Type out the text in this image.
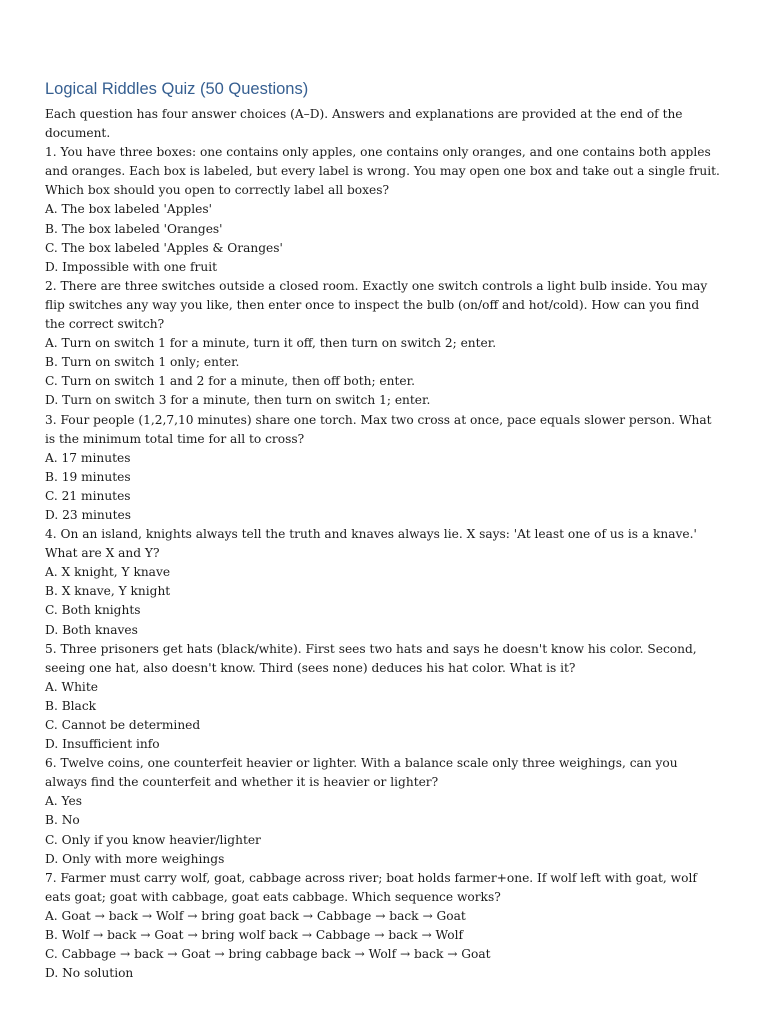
Logical Riddles Quiz (50 Questions)

Each question has four answer choices (A–D). Answers and explanations are provided at the end of the document.

1. You have three boxes: one contains only apples, one contains only oranges, and one contains both apples and oranges. Each box is labeled, but every label is wrong. You may open one box and take out a single fruit. Which box should you open to correctly label all boxes?

A. The box labeled 'Apples'

B. The box labeled 'Oranges'

C. The box labeled 'Apples & Oranges'

D. Impossible with one fruit

2. There are three switches outside a closed room. Exactly one switch controls a light bulb inside. You may flip switches any way you like, then enter once to inspect the bulb (on/off and hot/cold). How can you find the correct switch?

A. Turn on switch 1 for a minute, turn it off, then turn on switch 2; enter.

B. Turn on switch 1 only; enter.

C. Turn on switch 1 and 2 for a minute, then off both; enter.

D. Turn on switch 3 for a minute, then turn on switch 1; enter.

3. Four people (1,2,7,10 minutes) share one torch. Max two cross at once, pace equals slower person. What is the minimum total time for all to cross?

A. 17 minutes

B. 19 minutes

C. 21 minutes

D. 23 minutes

4. On an island, knights always tell the truth and knaves always lie. X says: 'At least one of us is a knave.' What are X and Y?

A. X knight, Y knave

B. X knave, Y knight

C. Both knights

D. Both knaves

5. Three prisoners get hats (black/white). First sees two hats and says he doesn't know his color. Second, seeing one hat, also doesn't know. Third (sees none) deduces his hat color. What is it?

A. White

B. Black

C. Cannot be determined

D. Insufficient info

6. Twelve coins, one counterfeit heavier or lighter. With a balance scale only three weighings, can you always find the counterfeit and whether it is heavier or lighter?

A. Yes

B. No

C. Only if you know heavier/lighter

D. Only with more weighings

7. Farmer must carry wolf, goat, cabbage across river; boat holds farmer+one. If wolf left with goat, wolf eats goat; goat with cabbage, goat eats cabbage. Which sequence works?

A. Goat → back → Wolf → bring goat back → Cabbage → back → Goat

B. Wolf → back → Goat → bring wolf back → Cabbage → back → Wolf

C. Cabbage → back → Goat → bring cabbage back → Wolf → back → Goat

D. No solution
